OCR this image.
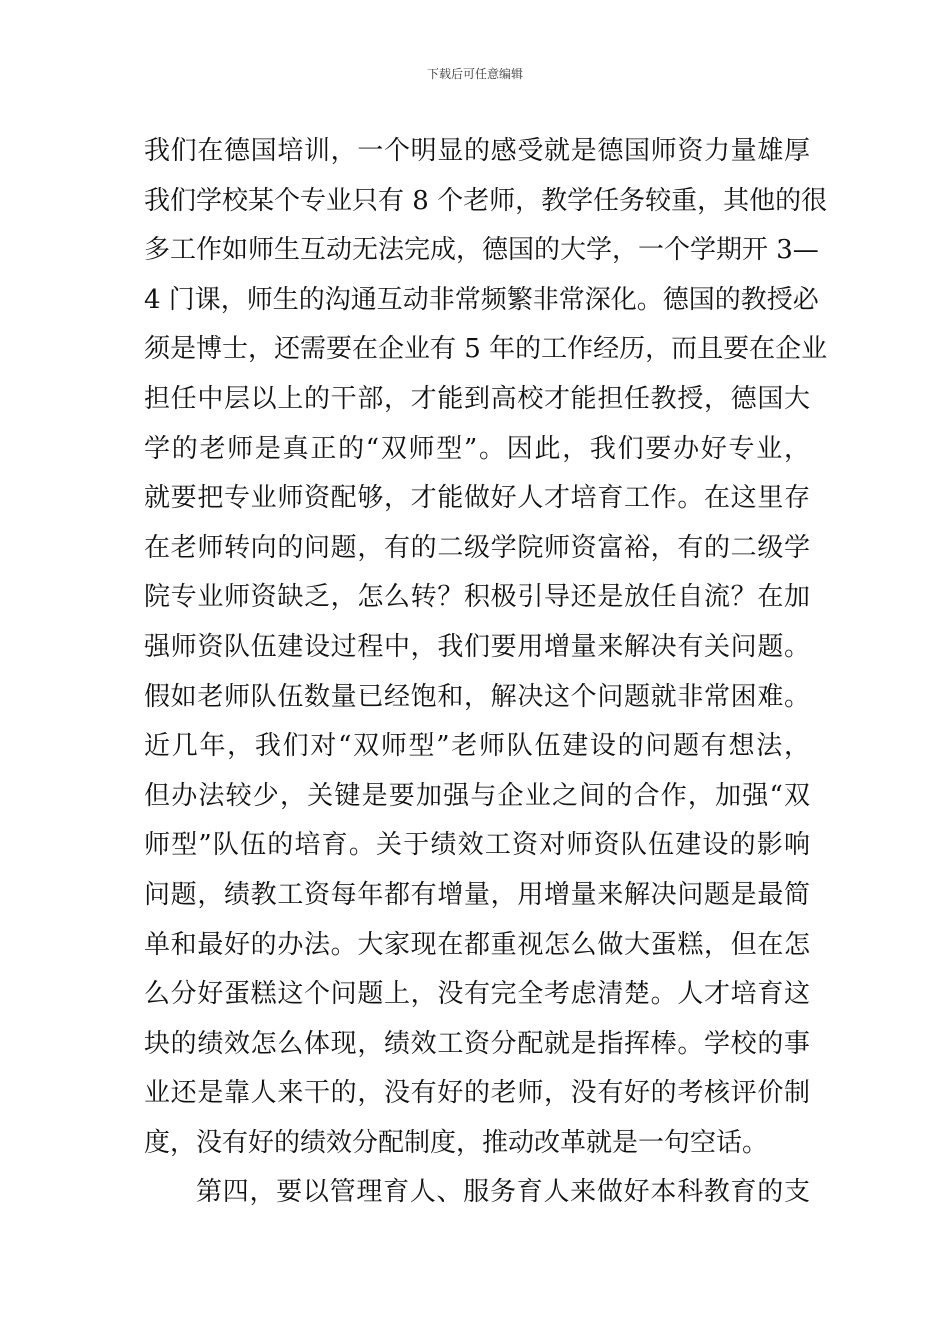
下载后可任意编辑
我们在德国培训，一个明显的感受就是德国师资力量雄厚
我们学校某个专业只有 8 个老师，教学任务较重，其他的很
多工作如师生互动无法完成，德国的大学，一个学期开 3—
4 门课，师生的沟通互动非常频繁非常深化。德国的教授必
须是博士，还需要在企业有 5 年的工作经历，而且要在企业
担任中层以上的干部，才能到高校才能担任教授，德国大
学的老师是真正的“双师型”。因此，我们要办好专业，
就要把专业师资配够，才能做好人才培育工作。在这里存
在老师转向的问题，有的二级学院师资富裕，有的二级学
院专业师资缺乏，怎么转？积极引导还是放任自流？在加
强师资队伍建设过程中，我们要用增量来解决有关问题。
假如老师队伍数量已经饱和，解决这个问题就非常困难。
近几年，我们对“双师型”老师队伍建设的问题有想法，
但办法较少，关键是要加强与企业之间的合作，加强“双
师型”队伍的培育。关于绩效工资对师资队伍建设的影响
问题，绩教工资每年都有增量，用增量来解决问题是最简
单和最好的办法。大家现在都重视怎么做大蛋糕，但在怎
么分好蛋糕这个问题上，没有完全考虑清楚。人才培育这
块的绩效怎么体现，绩效工资分配就是指挥棒。学校的事
业还是靠人来干的，没有好的老师，没有好的考核评价制
度，没有好的绩效分配制度，推动改革就是一句空话。
第四，要以管理育人、服务育人来做好本科教育的支
